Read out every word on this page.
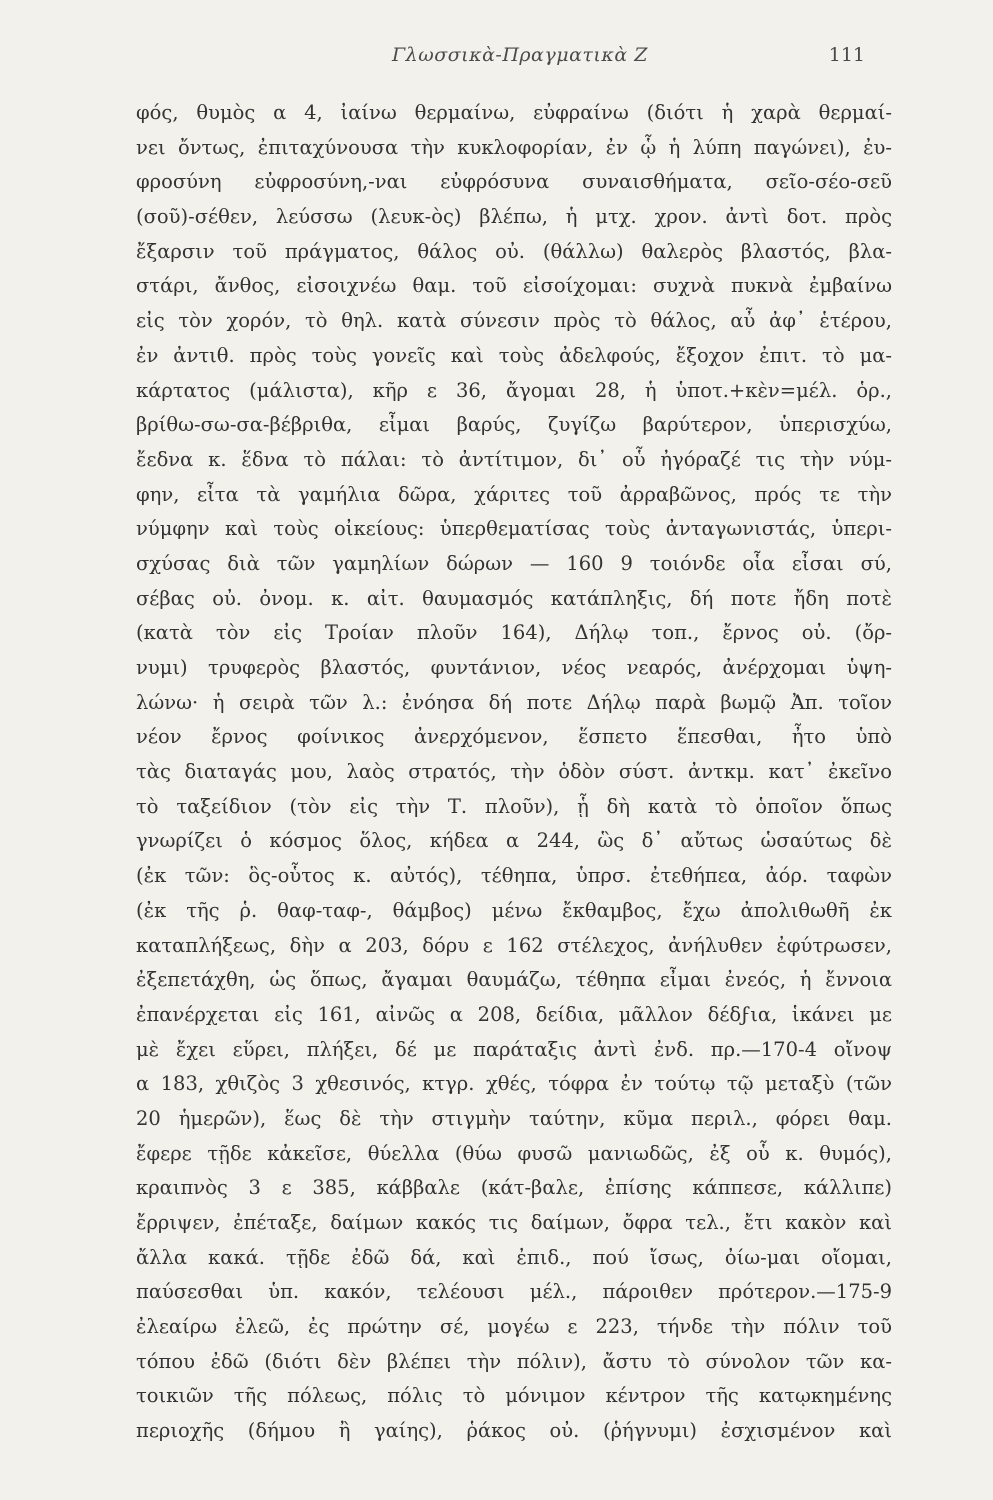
Γλωσσικὰ-Πραγματικὰ Ζ	111
φός, θυμὸς α 4, ἰαίνω θερμαίνω, εὐφραίνω (διότι ἡ χαρὰ θερμαί-
νει ὄντως, ἐπιταχύνουσα τὴν κυκλοφορίαν, ἐν ᾧ ἡ λύπη παγώνει), ἐυ-
φροσύνη εὐφροσύνη,-ναι εὐφρόσυνα συναισθήματα, σεῖο-σέο-σεῦ
(σοῦ)-σέθεν, λεύσσω (λευκ-ὸς) βλέπω, ἡ μτχ. χρον. ἀντὶ δοτ. πρὸς
ἔξαρσιν τοῦ πράγματος, θάλος οὐ. (θάλλω) θαλερὸς βλαστός, βλα-
στάρι, ἄνθος, εἰσοιχνέω θαμ. τοῦ εἰσοίχομαι: συχνὰ πυκνὰ ἐμβαίνω
εἰς τὸν χορόν, τὸ θηλ. κατὰ σύνεσιν πρὸς τὸ θάλος, αὖ ἀφ᾽ ἑτέρου,
ἐν ἀντιθ. πρὸς τοὺς γονεῖς καὶ τοὺς ἀδελφούς, ἔξοχον ἐπιτ. τὸ μα-
κάρτατος (μάλιστα), κῆρ ε 36, ἄγομαι 28, ἡ ὑποτ.+κὲν=μέλ. ὁρ.,
βρίθω-σω-σα-βέβριθα, εἶμαι βαρύς, ζυγίζω βαρύτερον, ὑπερισχύω,
ἔεδνα κ. ἕδνα τὸ πάλαι: τὸ ἀντίτιμον, δι᾽ οὗ ἠγόραζέ τις τὴν νύμ-
φην, εἶτα τὰ γαμήλια δῶρα, χάριτες τοῦ ἀρραβῶνος, πρός τε τὴν
νύμφην καὶ τοὺς οἰκείους: ὑπερθεματίσας τοὺς ἀνταγωνιστάς, ὑπερι-
σχύσας διὰ τῶν γαμηλίων δώρων — 160 9 τοιόνδε οἷα εἶσαι σύ,
σέβας οὐ. ὀνομ. κ. αἰτ. θαυμασμός κατάπληξις, δή ποτε ἤδη ποτὲ
(κατὰ τὸν εἰς Τροίαν πλοῦν 164), Δήλῳ τοπ., ἔρνος οὐ. (ὄρ-
νυμι) τρυφερὸς βλαστός, φυντάνιον, νέος νεαρός, ἀνέρχομαι ὑψη-
λώνω· ἡ σειρὰ τῶν λ.: ἐνόησα δή ποτε Δήλῳ παρὰ βωμῷ Ἀπ. τοῖον
νέον ἔρνος φοίνικος ἀνερχόμενον, ἕσπετο ἕπεσθαι, ἦτο ὑπὸ
τὰς διαταγάς μου, λαὸς στρατός, τὴν ὁδὸν σύστ. ἀντκμ. κατ᾽ ἐκεῖνο
τὸ ταξείδιον (τὸν εἰς τὴν Τ. πλοῦν), ᾗ δὴ κατὰ τὸ ὁποῖον ὅπως
γνωρίζει ὁ κόσμος ὅλος, κήδεα α 244, ὣς δ᾽ αὔτως ὡσαύτως δὲ
(ἐκ τῶν: ὃς-οὗτος κ. αὐτός), τέθηπα, ὑπρσ. ἐτεθήπεα, ἀόρ. ταφὼν
(ἐκ τῆς ῥ. θαφ-ταφ-, θάμβος) μένω ἔκθαμβος, ἔχω ἀπολιθωθῆ ἐκ
καταπλήξεως, δὴν α 203, δόρυ ε 162 στέλεχος, ἀνήλυθεν ἐφύτρωσεν,
ἐξεπετάχθη, ὡς ὅπως, ἄγαμαι θαυμάζω, τέθηπα εἶμαι ἐνεός, ἡ ἔννοια
ἐπανέρχεται εἰς 161, αἰνῶς α 208, δείδια, μᾶλλον δέδϝια, ἱκάνει με
μὲ ἔχει εὕρει, πλήξει, δέ με παράταξις ἀντὶ ἐνδ. πρ.—170-4 οἴνοψ
α 183, χθιζὸς 3 χθεσινός, κτγρ. χθές, τόφρα ἐν τούτῳ τῷ μεταξὺ (τῶν
20 ἡμερῶν), ἕως δὲ τὴν στιγμὴν ταύτην, κῦμα περιλ., φόρει θαμ.
ἔφερε τῇδε κἀκεῖσε, θύελλα (θύω φυσῶ μανιωδῶς, ἐξ οὗ κ. θυμός),
κραιπνὸς 3 ε 385, κάββαλε (κάτ-βαλε, ἐπίσης κάππεσε, κάλλιπε)
ἔρριψεν, ἐπέταξε, δαίμων κακός τις δαίμων, ὄφρα τελ., ἔτι κακὸν καὶ
ἄλλα κακά. τῇδε ἐδῶ δά, καὶ ἐπιδ., πού ἴσως, ὀίω-μαι οἴομαι,
παύσεσθαι ὑπ. κακόν, τελέουσι μέλ., πάροιθεν πρότερον.—175-9
ἐλεαίρω ἐλεῶ, ἐς πρώτην σέ, μογέω ε 223, τήνδε τὴν πόλιν τοῦ
τόπου ἐδῶ (διότι δὲν βλέπει τὴν πόλιν), ἄστυ τὸ σύνολον τῶν κα-
τοικιῶν τῆς πόλεως, πόλις τὸ μόνιμον κέντρον τῆς κατῳκημένης
περιοχῆς (δήμου ἢ γαίης), ῥάκος οὐ. (ῥήγνυμι) ἐσχισμένον καὶ
